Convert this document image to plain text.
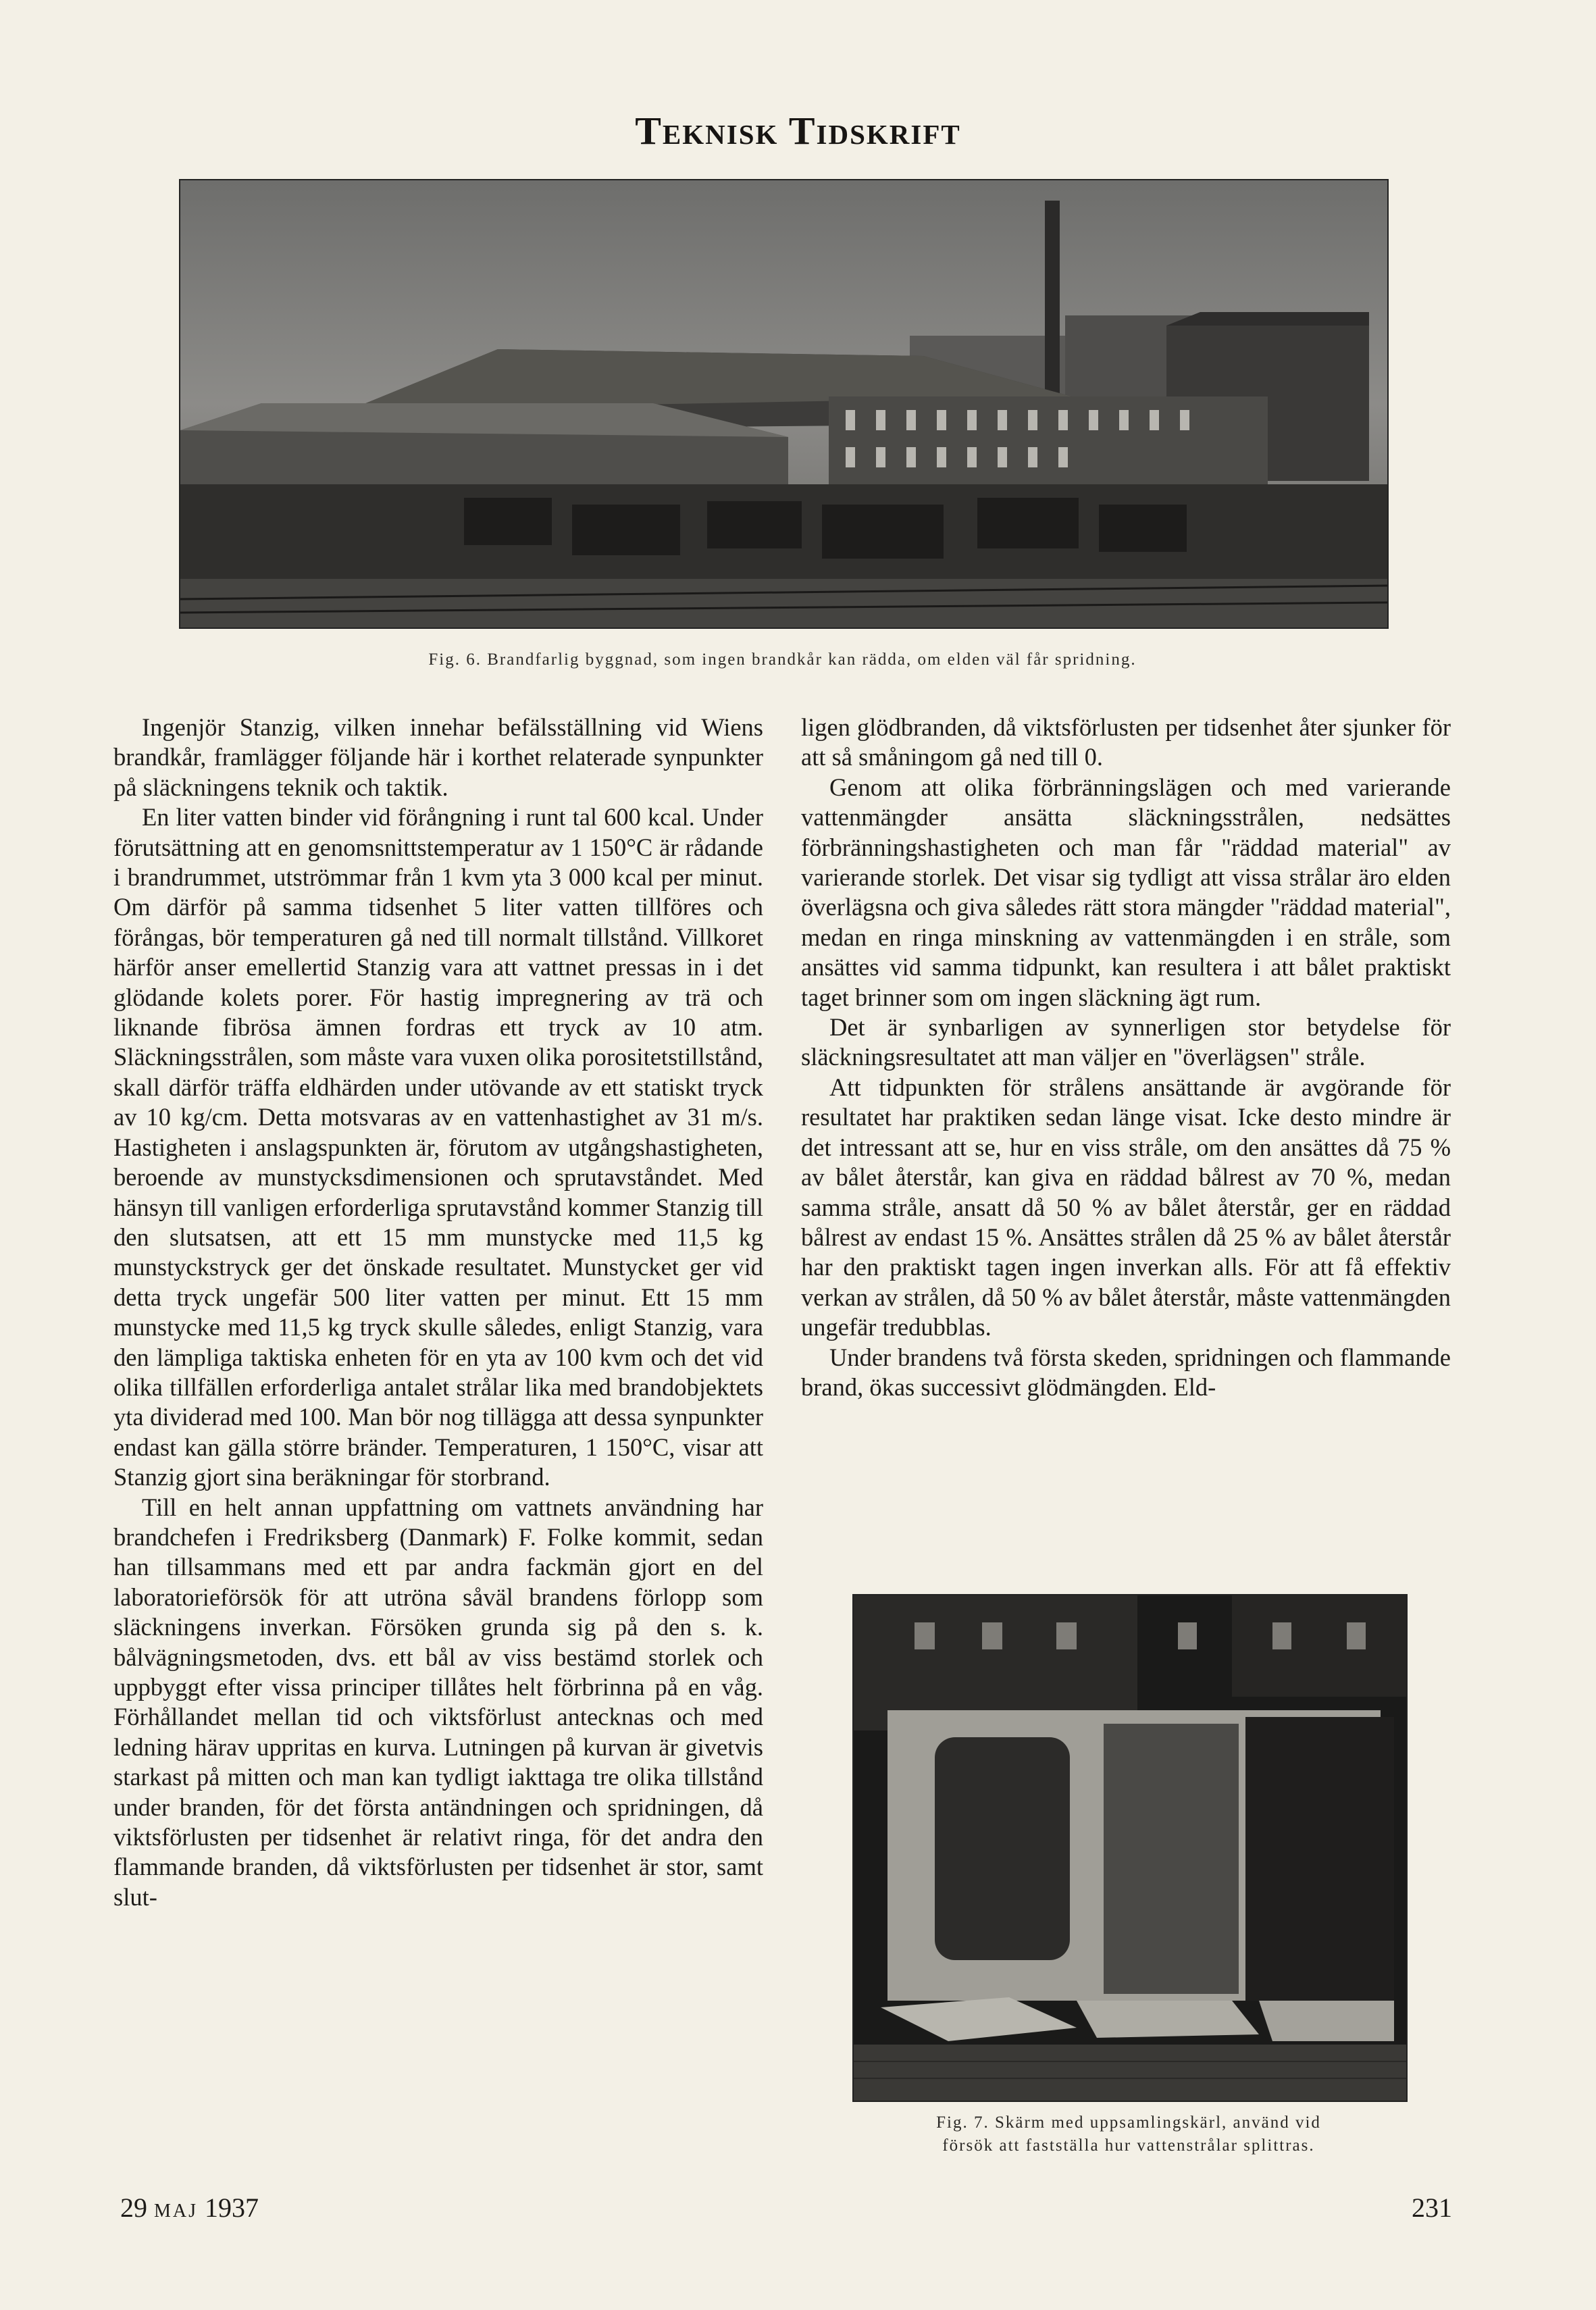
Teknisk Tidskrift
Fig. 6. Brandfarlig byggnad, som ingen brandkår kan rädda, om elden väl får spridning.

Ingenjör Stanzig, vilken innehar befälsställning vid Wiens brandkår, framlägger följande här i korthet relaterade synpunkter på släckningens teknik och taktik.

En liter vatten binder vid förångning i runt tal 600 kcal. Under förutsättning att en genomsnittstemperatur av 1 150°C är rådande i brandrummet, utströmmar från 1 kvm yta 3 000 kcal per minut. Om därför på samma tidsenhet 5 liter vatten tillföres och förångas, bör temperaturen gå ned till normalt tillstånd. Villkoret härför anser emellertid Stanzig vara att vattnet pressas in i det glödande kolets porer. För hastig impregnering av trä och liknande fibrösa ämnen fordras ett tryck av 10 atm. Släckningsstrålen, som måste vara vuxen olika porositetstillstånd, skall därför träffa eldhärden under utövande av ett statiskt tryck av 10 kg/cm. Detta motsvaras av en vattenhastighet av 31 m/s. Hastigheten i anslagspunkten är, förutom av utgångshastigheten, beroende av munstycksdimensionen och sprutavståndet. Med hänsyn till vanligen erforderliga sprutavstånd kommer Stanzig till den slutsatsen, att ett 15 mm munstycke med 11,5 kg munstyckstryck ger det önskade resultatet. Munstycket ger vid detta tryck ungefär 500 liter vatten per minut. Ett 15 mm munstycke med 11,5 kg tryck skulle således, enligt Stanzig, vara den lämpliga taktiska enheten för en yta av 100 kvm och det vid olika tillfällen erforderliga antalet strålar lika med brandobjektets yta dividerad med 100. Man bör nog tillägga att dessa synpunkter endast kan gälla större bränder. Temperaturen, 1 150°C, visar att Stanzig gjort sina beräkningar för storbrand.

Till en helt annan uppfattning om vattnets användning har brandchefen i Fredriksberg (Danmark) F. Folke kommit, sedan han tillsammans med ett par andra fackmän gjort en del laboratorieförsök för att utröna såväl brandens förlopp som släckningens inverkan. Försöken grunda sig på den s. k. bålvägningsmetoden, dvs. ett bål av viss bestämd storlek och uppbyggt efter vissa principer tillåtes helt förbrinna på en våg. Förhållandet mellan tid och viktsförlust antecknas och med ledning härav uppritas en kurva. Lutningen på kurvan är givetvis starkast på mitten och man kan tydligt iakttaga tre olika tillstånd under branden, för det första antändningen och spridningen, då viktsförlusten per tidsenhet är relativt ringa, för det andra den flammande branden, då viktsförlusten per tidsenhet är stor, samt slut-

ligen glödbranden, då viktsförlusten per tidsenhet åter sjunker för att så småningom gå ned till 0.

Genom att olika förbränningslägen och med varierande vattenmängder ansätta släckningsstrålen, nedsättes förbränningshastigheten och man får "räddad material" av varierande storlek. Det visar sig tydligt att vissa strålar äro elden överlägsna och giva således rätt stora mängder "räddad material", medan en ringa minskning av vattenmängden i en stråle, som ansättes vid samma tidpunkt, kan resultera i att bålet praktiskt taget brinner som om ingen släckning ägt rum.

Det är synbarligen av synnerligen stor betydelse för släckningsresultatet att man väljer en "överlägsen" stråle.

Att tidpunkten för strålens ansättande är avgörande för resultatet har praktiken sedan länge visat. Icke desto mindre är det intressant att se, hur en viss stråle, om den ansättes då 75 % av bålet återstår, kan giva en räddad bålrest av 70 %, medan samma stråle, ansatt då 50 % av bålet återstår, ger en räddad bålrest av endast 15 %. Ansättes strålen då 25 % av bålet återstår har den praktiskt tagen ingen inverkan alls. För att få effektiv verkan av strålen, då 50 % av bålet återstår, måste vattenmängden ungefär tredubblas.

Under brandens två första skeden, spridningen och flammande brand, ökas successivt glödmängden. Eld-

Fig. 7. Skärm med uppsamlingskärl, använd vid
försök att fastställa hur vattenstrålar splittras.
29 maj 1937	231
